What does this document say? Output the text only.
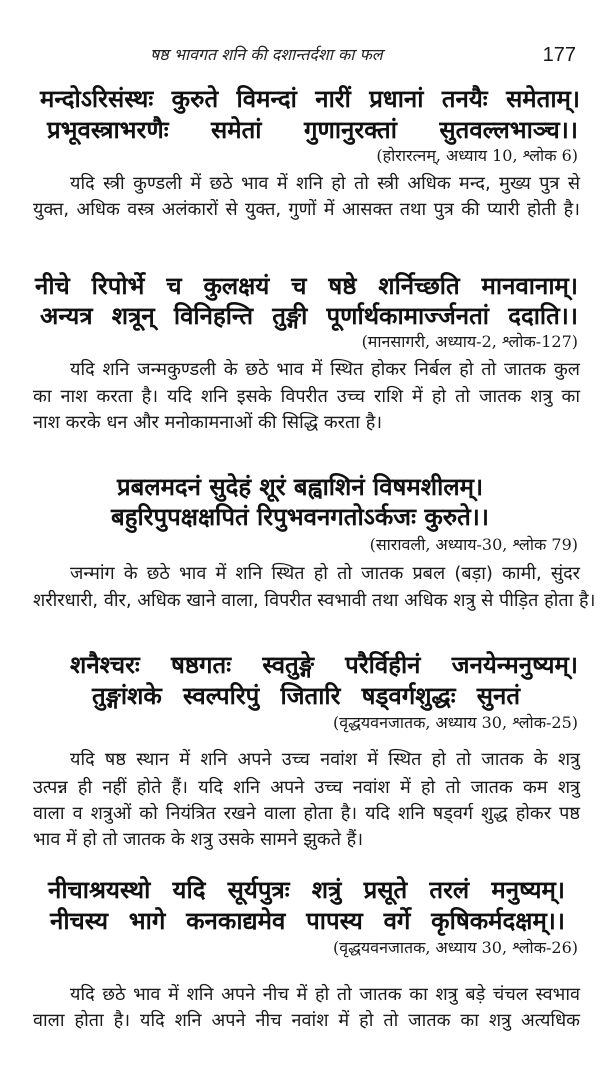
षष्ठ भावगत शनि की दशान्तर्दशा का फल	177
मन्दोऽरिसंस्थः कुरुते विमन्दां नारीं प्रधानां तनयैः समेताम्।
प्रभूवस्त्राभरणैः समेतां गुणानुरक्तां सुतवल्लभाञ्च।।
(होरारत्नम्, अध्याय 10, श्लोक 6)
यदि स्त्री कुण्डली में छठे भाव में शनि हो तो स्त्री अधिक मन्द, मुख्य पुत्र से
युक्त, अधिक वस्त्र अलंकारों से युक्त, गुणों में आसक्त तथा पुत्र की प्यारी होती है।
नीचे रिपोर्भे च कुलक्षयं च षष्ठे शर्निच्छति मानवानाम्।
अन्यत्र शत्रून् विनिहन्ति तुङ्गी पूर्णार्थकामार्ज्जनतां ददाति।।
(मानसागरी, अध्याय-2, श्लोक-127)
यदि शनि जन्मकुण्डली के छठे भाव में स्थित होकर निर्बल हो तो जातक कुल
का नाश करता है। यदि शनि इसके विपरीत उच्च राशि में हो तो जातक शत्रु का
नाश करके धन और मनोकामनाओं की सिद्धि करता है।
प्रबलमदनं सुदेहं शूरं बह्वाशिनं विषमशीलम्।
बहुरिपुपक्षक्षपितं रिपुभवनगतोऽर्कजः कुरुते।।
(सारावली, अध्याय-30, श्लोक 79)
जन्मांग के छठे भाव में शनि स्थित हो तो जातक प्रबल (बड़ा) कामी, सुंदर
शरीरधारी, वीर, अधिक खाने वाला, विपरीत स्वभावी तथा अधिक शत्रु से पीड़ित होता है।
शनैश्चरः षष्ठगतः स्वतुङ्गे परैर्विहीनं जनयेन्मनुष्यम्।
तुङ्गांशके स्वल्परिपुं जितारि षड्वर्गशुद्धः सुनतं
(वृद्धयवनजातक, अध्याय 30, श्लोक-25)
यदि षष्ठ स्थान में शनि अपने उच्च नवांश में स्थित हो तो जातक के शत्रु
उत्पन्न ही नहीं होते हैं। यदि शनि अपने उच्च नवांश में हो तो जातक कम शत्रु
वाला व शत्रुओं को नियंत्रित रखने वाला होता है। यदि शनि षड्वर्ग शुद्ध होकर पष्ठ
भाव में हो तो जातक के शत्रु उसके सामने झुकते हैं।
नीचाश्रयस्थो यदि सूर्यपुत्रः शत्रुं प्रसूते तरलं मनुष्यम्।
नीचस्य भागे कनकाद्यमेव पापस्य वर्गे कृषिकर्मदक्षम्।।
(वृद्धयवनजातक, अध्याय 30, श्लोक-26)
यदि छठे भाव में शनि अपने नीच में हो तो जातक का शत्रु बड़े चंचल स्वभाव
वाला होता है। यदि शनि अपने नीच नवांश में हो तो जातक का शत्रु अत्यधिक
